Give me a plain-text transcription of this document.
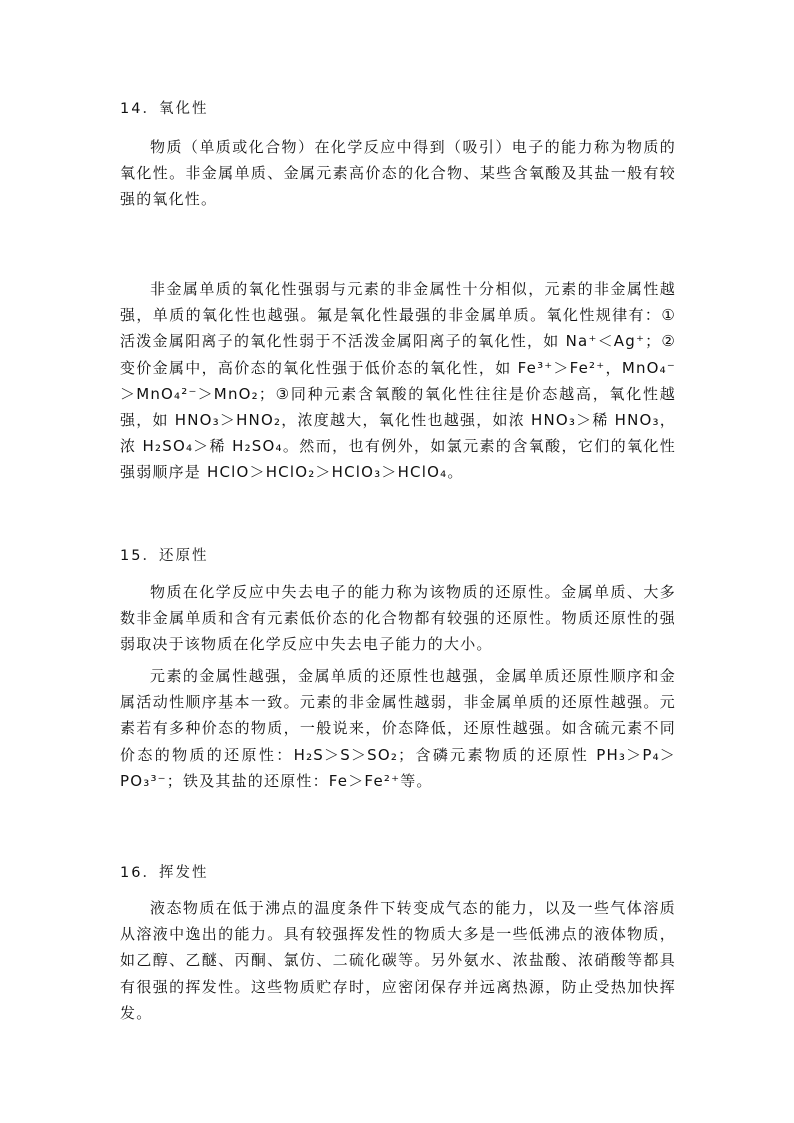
14．氧化性

物质（单质或化合物）在化学反应中得到（吸引）电子的能力称为物质的氧化性。非金属单质、金属元素高价态的化合物、某些含氧酸及其盐一般有较强的氧化性。

非金属单质的氧化性强弱与元素的非金属性十分相似，元素的非金属性越强，单质的氧化性也越强。氟是氧化性最强的非金属单质。氧化性规律有：①活泼金属阳离子的氧化性弱于不活泼金属阳离子的氧化性，如 Na⁺＜Ag⁺；②变价金属中，高价态的氧化性强于低价态的氧化性，如 Fe³⁺＞Fe²⁺，MnO₄⁻＞MnO₄²⁻＞MnO₂；③同种元素含氧酸的氧化性往往是价态越高，氧化性越强，如 HNO₃＞HNO₂，浓度越大，氧化性也越强，如浓 HNO₃＞稀 HNO₃，浓 H₂SO₄＞稀 H₂SO₄。然而，也有例外，如氯元素的含氧酸，它们的氧化性强弱顺序是 HClO＞HClO₂＞HClO₃＞HClO₄。

15．还原性

物质在化学反应中失去电子的能力称为该物质的还原性。金属单质、大多数非金属单质和含有元素低价态的化合物都有较强的还原性。物质还原性的强弱取决于该物质在化学反应中失去电子能力的大小。

元素的金属性越强，金属单质的还原性也越强，金属单质还原性顺序和金属活动性顺序基本一致。元素的非金属性越弱，非金属单质的还原性越强。元素若有多种价态的物质，一般说来，价态降低，还原性越强。如含硫元素不同价态的物质的还原性：H₂S＞S＞SO₂；含磷元素物质的还原性 PH₃＞P₄＞PO₃³⁻；铁及其盐的还原性：Fe＞Fe²⁺等。

16．挥发性

液态物质在低于沸点的温度条件下转变成气态的能力，以及一些气体溶质从溶液中逸出的能力。具有较强挥发性的物质大多是一些低沸点的液体物质，如乙醇、乙醚、丙酮、氯仿、二硫化碳等。另外氨水、浓盐酸、浓硝酸等都具有很强的挥发性。这些物质贮存时，应密闭保存并远离热源，防止受热加快挥发。
